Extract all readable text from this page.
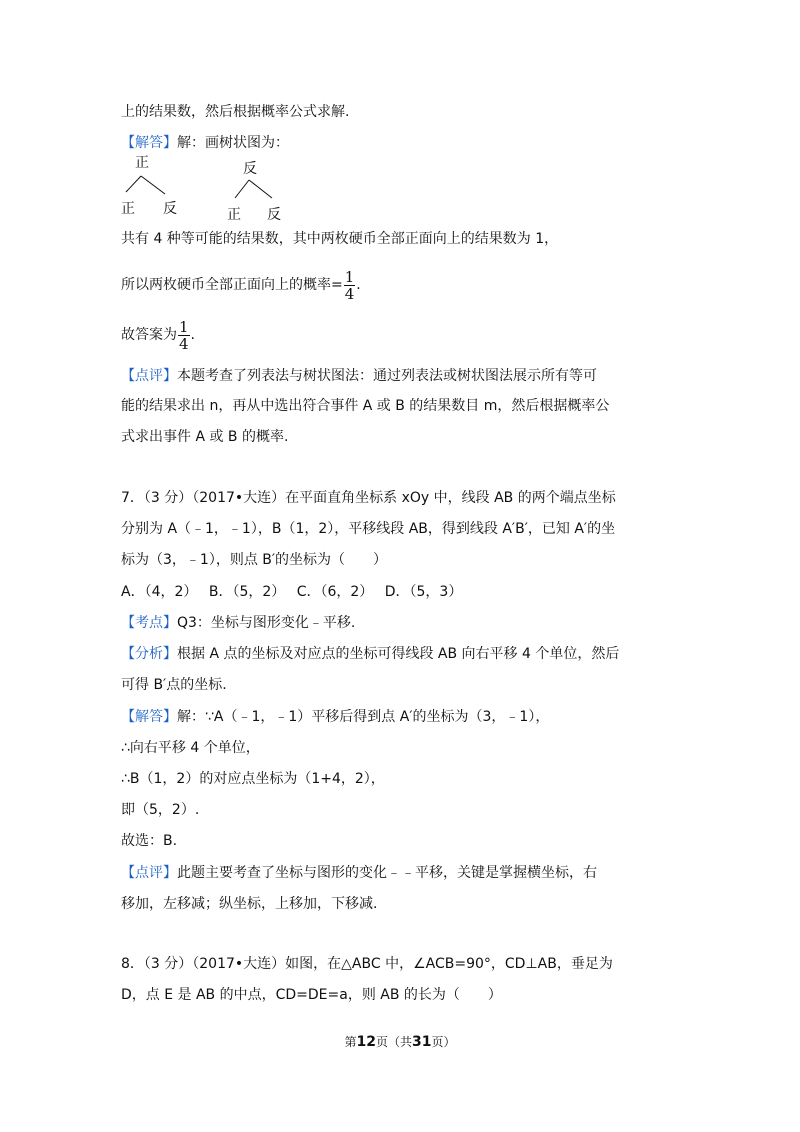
上的结果数，然后根据概率公式求解.
【解答】解：画树状图为：
正
正 反
反
正 反
共有 4 种等可能的结果数，其中两枚硬币全部正面向上的结果数为 1，
所以两枚硬币全部正面向上的概率= $\frac{1}{4}$ .
故答案为 $\frac{1}{4}$ .
【点评】本题考查了列表法与树状图法：通过列表法或树状图法展示所有等可
能的结果求出 n，再从中选出符合事件 A 或 B 的结果数目 m，然后根据概率公
式求出事件 A 或 B 的概率.
7．（3 分）（2017•大连）在平面直角坐标系 xOy 中，线段 AB 的两个端点坐标
分别为 A（﹣1，﹣1），B（1，2），平移线段 AB，得到线段 A′B′，已知 A′的坐
标为（3，﹣1），则点 B′的坐标为（　　）
A．（4，2）　 B．（5，2）　 C．（6，2）　 D．（5，3）
【考点】Q3：坐标与图形变化﹣平移.
【分析】根据 A 点的坐标及对应点的坐标可得线段 AB 向右平移 4 个单位，然后
可得 B′点的坐标.
【解答】解：∵A（﹣1，﹣1）平移后得到点 A′的坐标为（3，﹣1），
∴向右平移 4 个单位，
∴B（1，2）的对应点坐标为（1+4，2），
即（5，2）.
故选：B.
【点评】此题主要考查了坐标与图形的变化﹣﹣平移，关键是掌握横坐标，右
移加，左移减；纵坐标，上移加，下移减.
8．（3 分）（2017•大连）如图，在△ABC 中，∠ACB=90°，CD⊥AB，垂足为
D，点 E 是 AB 的中点，CD=DE=a，则 AB 的长为（　　）
第12页（共31页）
